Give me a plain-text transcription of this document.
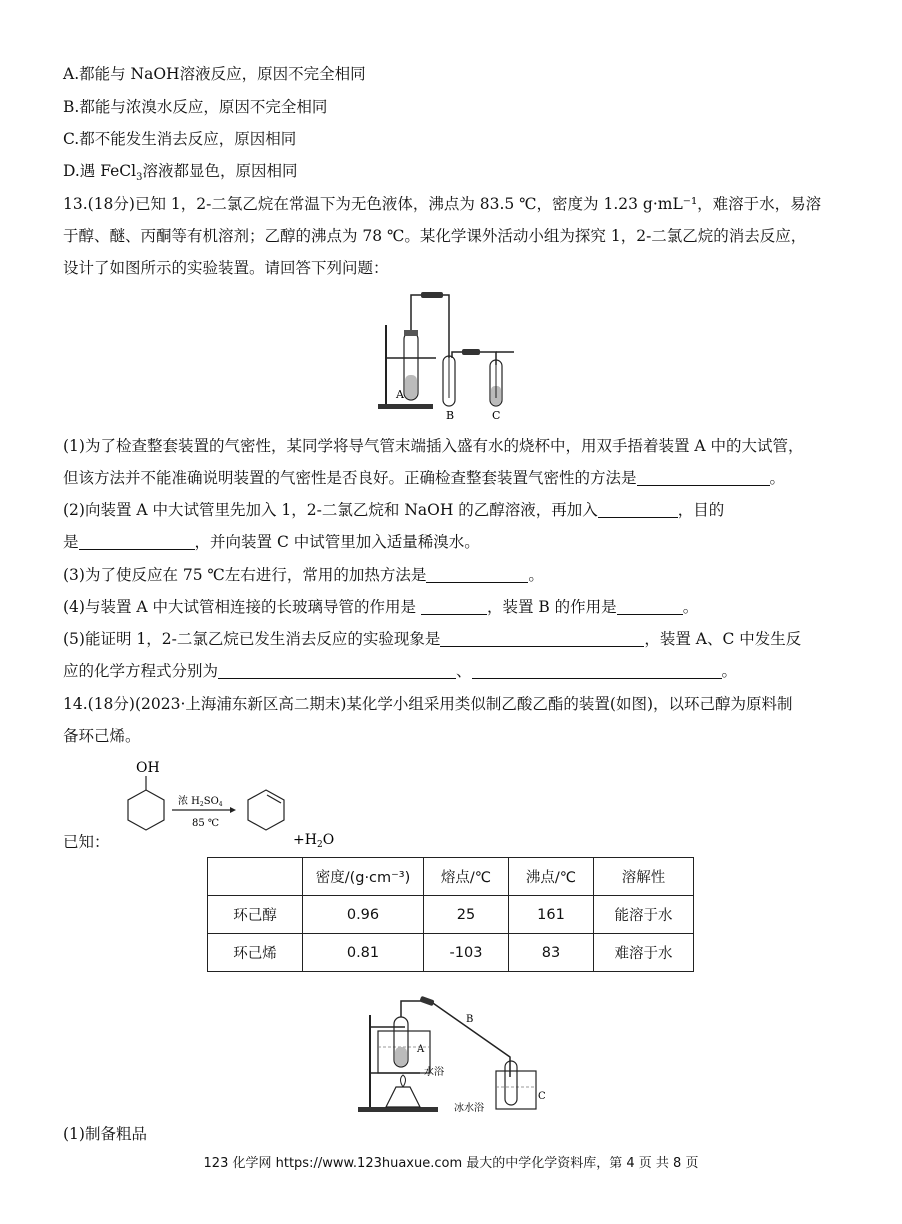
A.都能与 NaOH溶液反应，原因不完全相同
B.都能与浓溴水反应，原因不完全相同
C.都不能发生消去反应，原因相同
D.遇 FeCl$_3$溶液都显色，原因相同
13.(18分)已知 1，2-二氯乙烷在常温下为无色液体，沸点为 83.5 ℃，密度为 1.23 g·mL⁻¹，难溶于水，易溶
于醇、醚、丙酮等有机溶剂；乙醇的沸点为 78 ℃。某化学课外活动小组为探究 1，2-二氯乙烷的消去反应，
设计了如图所示的实验装置。请回答下列问题：
A
B	C
(1)为了检查整套装置的气密性，某同学将导气管末端插入盛有水的烧杯中，用双手捂着装置 A 中的大试管，
但该方法并不能准确说明装置的气密性是否良好。正确检查整套装置气密性的方法是	。
(2)向装置 A 中大试管里先加入 1，2-二氯乙烷和 NaOH 的乙醇溶液，再加入	，目的
是	，并向装置 C 中试管里加入适量稀溴水。
(3)为了使反应在 75 ℃左右进行，常用的加热方法是	。
(4)与装置 A 中大试管相连接的长玻璃导管的作用是	，装置 B 的作用是	。
(5)能证明 1，2-二氯乙烷已发生消去反应的实验现象是	，装置 A、C 中发生反
应的化学方程式分别为	、	。
14.(18分)(2023·上海浦东新区高二期末)某化学小组采用类似制乙酸乙酯的装置(如图)，以环己醇为原料制
备环己烯。
OH
浓 $H_2SO_4$
85 ℃
$+H_2O$
已知：
	密度/(g·cm⁻³)	熔点/℃	沸点/℃	溶解性
环己醇	0.96	25	161	能溶于水
环己烯	0.81	-103	83	难溶于水
A
B
C
水浴
冰水浴
(1)制备粗品
123 化学网 https://www.123huaxue.com 最大的中学化学资料库，第 4 页 共 8 页
